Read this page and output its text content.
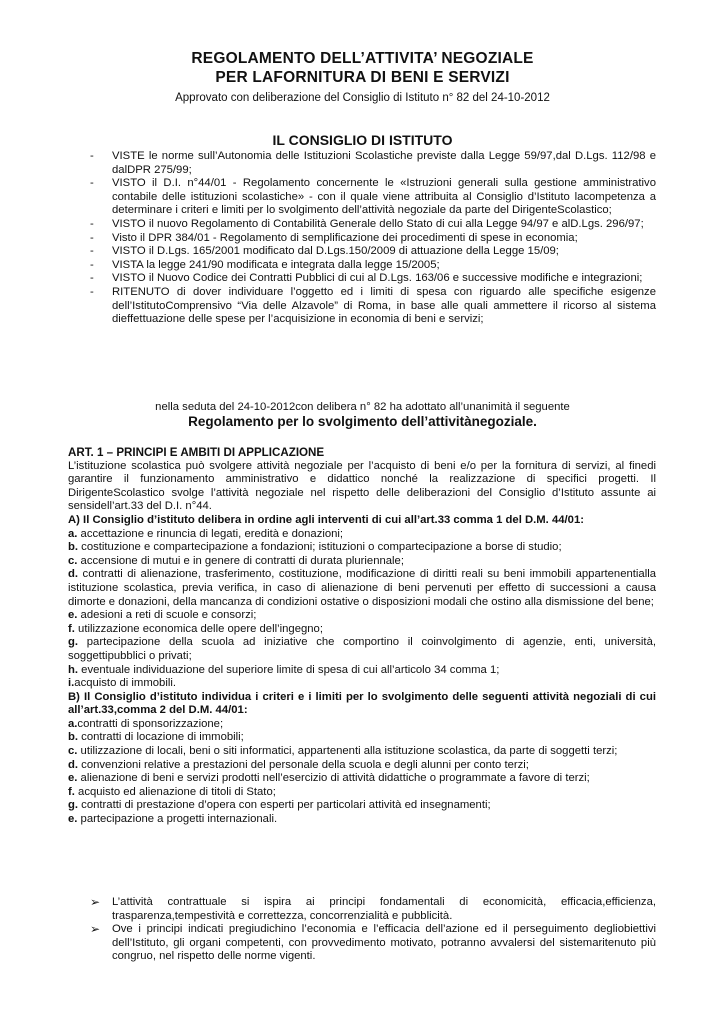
REGOLAMENTO DELL’ATTIVITA’ NEGOZIALE
PER LAFORNITURA DI BENI E SERVIZI
Approvato con deliberazione del Consiglio di Istituto n° 82 del 24-10-2012
IL CONSIGLIO DI ISTITUTO
- VISTE le norme sull’Autonomia delle Istituzioni Scolastiche previste dalla Legge 59/97,dal D.Lgs. 112/98 e dalDPR 275/99;
- VISTO il D.I. n°44/01 - Regolamento concernente le «Istruzioni generali sulla gestione amministrativo contabile delle istituzioni scolastiche» - con il quale viene attribuita al Consiglio d’Istituto lacompetenza a determinare i criteri e limiti per lo svolgimento dell’attività negoziale da parte del DirigenteScolastico;
- VISTO il nuovo Regolamento di Contabilità Generale dello Stato di cui alla Legge 94/97 e alD.Lgs. 296/97;
- Visto il DPR 384/01 - Regolamento di semplificazione dei procedimenti di spese in economia;
- VISTO il D.Lgs. 165/2001 modificato dal D.Lgs.150/2009 di attuazione della Legge 15/09;
- VISTA la legge 241/90 modificata e integrata dalla legge 15/2005;
- VISTO il Nuovo Codice dei Contratti Pubblici di cui al D.Lgs. 163/06 e successive modifiche e integrazioni;
- RITENUTO di dover individuare l’oggetto ed i limiti di spesa con riguardo alle specifiche esigenze dell’IstitutoComprensivo “Via delle Alzavole” di Roma, in base alle quali ammettere il ricorso al sistema dieffettuazione delle spese per l’acquisizione in economia di beni e servizi;
nella seduta del 24-10-2012con delibera n° 82 ha adottato all’unanimità il seguente
Regolamento per lo svolgimento dell’attivitànegoziale.

ART. 1 – PRINCIPI E AMBITI DI APPLICAZIONE

L’istituzione scolastica può svolgere attività negoziale per l’acquisto di beni e/o per la fornitura di servizi, al finedi garantire il funzionamento amministrativo e didattico nonché la realizzazione di specifici progetti. Il DirigenteScolastico svolge l’attività negoziale nel rispetto delle deliberazioni del Consiglio d’Istituto assunte ai sensidell’art.33 del D.I. n°44.

A) Il Consiglio d’istituto delibera in ordine agli interventi di cui all’art.33 comma 1 del D.M. 44/01:

a. accettazione e rinuncia di legati, eredità e donazioni;

b. costituzione e compartecipazione a fondazioni; istituzioni o compartecipazione a borse di studio;

c. accensione di mutui e in genere di contratti di durata pluriennale;

d. contratti di alienazione, trasferimento, costituzione, modificazione di diritti reali su beni immobili appartenentialla istituzione scolastica, previa verifica, in caso di alienazione di beni pervenuti per effetto di successioni a causa dimorte e donazioni, della mancanza di condizioni ostative o disposizioni modali che ostino alla dismissione del bene;

e. adesioni a reti di scuole e consorzi;

f. utilizzazione economica delle opere dell’ingegno;

g. partecipazione della scuola ad iniziative che comportino il coinvolgimento di agenzie, enti, università, soggettipubblici o privati;

h. eventuale individuazione del superiore limite di spesa di cui all’articolo 34 comma 1;

i.acquisto di immobili.

B) Il Consiglio d’istituto individua i criteri e i limiti per lo svolgimento delle seguenti attività negoziali di cui all’art.33,comma 2 del D.M. 44/01:

a.contratti di sponsorizzazione;

b. contratti di locazione di immobili;

c. utilizzazione di locali, beni o siti informatici, appartenenti alla istituzione scolastica, da parte di soggetti terzi;

d. convenzioni relative a prestazioni del personale della scuola e degli alunni per conto terzi;

e. alienazione di beni e servizi prodotti nell’esercizio di attività didattiche o programmate a favore di terzi;

f. acquisto ed alienazione di titoli di Stato;

g. contratti di prestazione d’opera con esperti per particolari attività ed insegnamenti;

e. partecipazione a progetti internazionali.

➢ L’attività contrattuale si ispira ai principi fondamentali di economicità, efficacia,efficienza, trasparenza,tempestività e correttezza, concorrenzialità e pubblicità.
➢ Ove i principi indicati pregiudichino l’economia e l’efficacia dell’azione ed il perseguimento degliobiettivi dell’Istituto, gli organi competenti, con provvedimento motivato, potranno avvalersi del sistemaritenuto più congruo, nel rispetto delle norme vigenti.
